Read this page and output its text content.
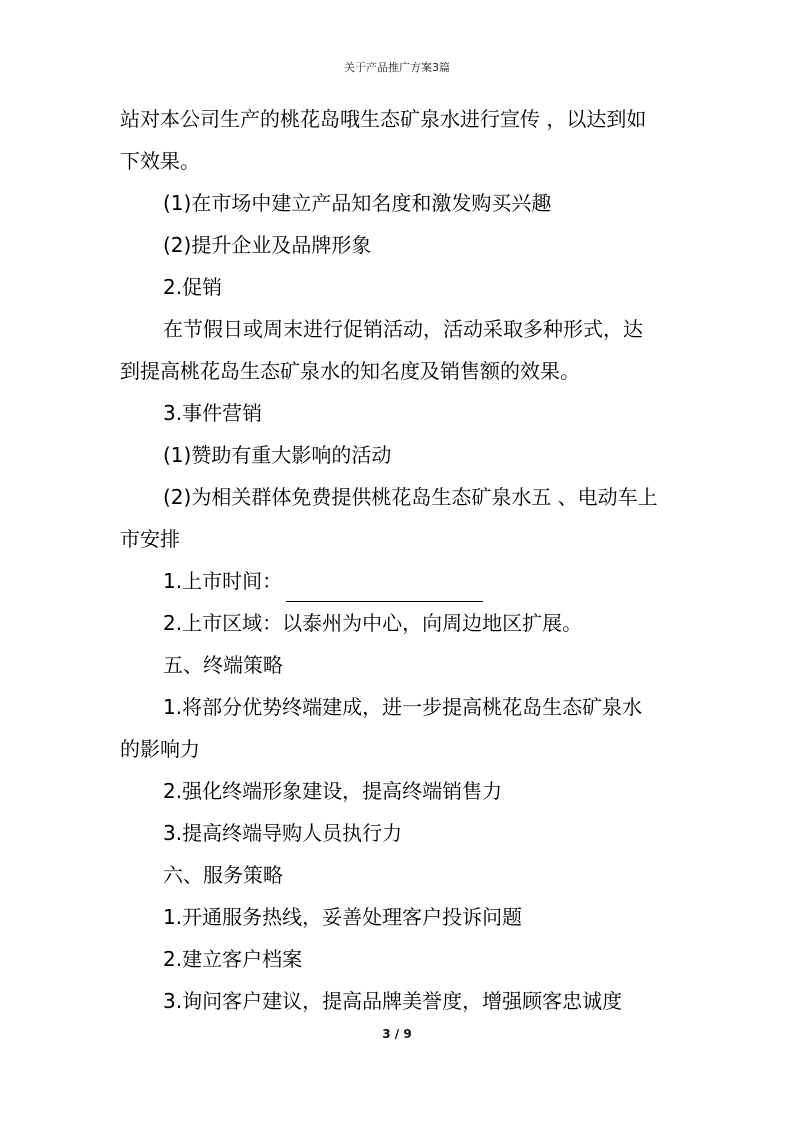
关于产品推广方案3篇

站对本公司生产的桃花岛哦生态矿泉水进行宣传 ，以达到如

下效果。

(1)在市场中建立产品知名度和激发购买兴趣

(2)提升企业及品牌形象

2.促销

在节假日或周末进行促销活动，活动采取多种形式，达

到提高桃花岛生态矿泉水的知名度及销售额的效果。

3.事件营销

(1)赞助有重大影响的活动

(2)为相关群体免费提供桃花岛生态矿泉水五 、电动车上

市安排

1.上市时间：

2.上市区域：以泰州为中心，向周边地区扩展。

五、终端策略

1.将部分优势终端建成，进一步提高桃花岛生态矿泉水

的影响力

2.强化终端形象建设，提高终端销售力

3.提高终端导购人员执行力

六、服务策略

1.开通服务热线，妥善处理客户投诉问题

2.建立客户档案

3.询问客户建议，提高品牌美誉度，增强顾客忠诚度

3 / 9
